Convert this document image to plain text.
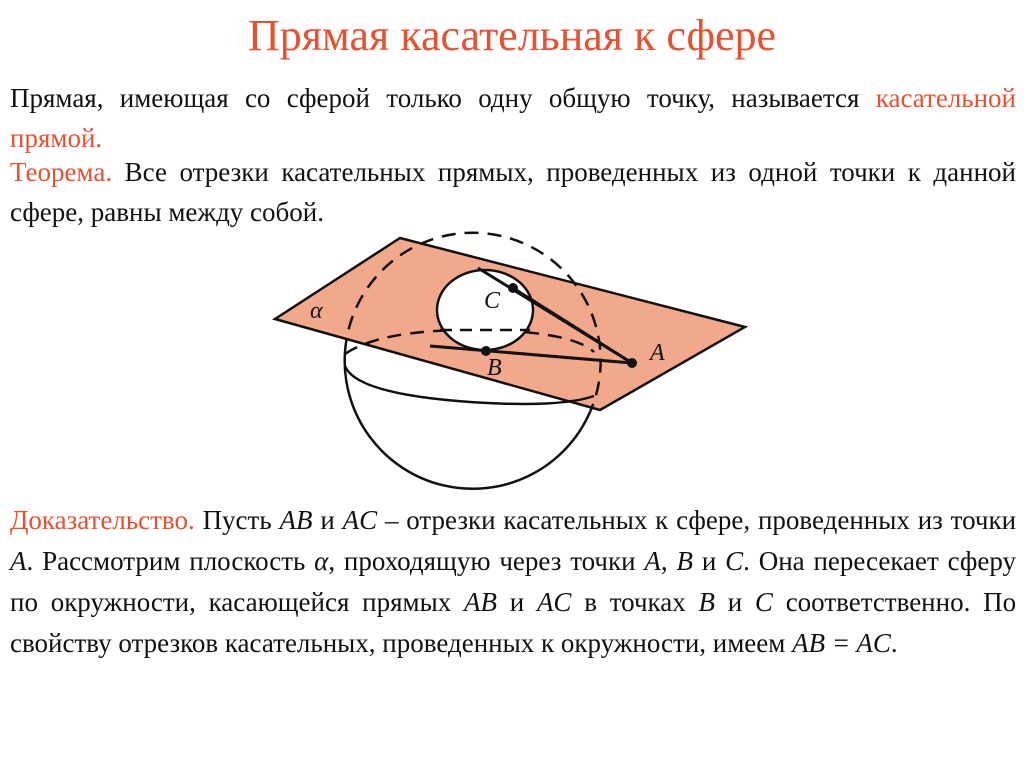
Прямая касательная к сфере

Прямая, имеющая со сферой только одну общую точку, называется касательной прямой.

Теорема. Все отрезки касательных прямых, проведенных из одной точки к данной сфере, равны между собой.

α
A
B
C

Доказательство. Пусть AB и AC – отрезки касательных к сфере, проведенных из точки A. Рассмотрим плоскость α, проходящую через точки A, B и C. Она пересекает сферу по окружности, касающейся прямых AB и AC в точках B и C соответственно. По свойству отрезков касательных, проведенных к окружности, имеем AB = AC.
